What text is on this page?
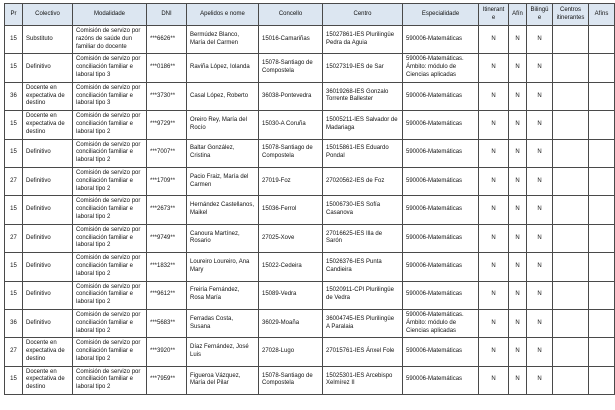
Pr	Colectivo	Modalidade	DNI	Apelidos e nome	Concello	Centro	Especialidade	Itinerante	Afín	Bilingüe	Centros itinerantes	Afíns
15	Substituto	Comisión de servizo por razóns de saúde dun familiar do docente	***6626**	Bermúdez Blanco, María del Carmen	15016-Camariñas	15027861-IES Plurilingüe Pedra da Aguia	590006-Matemáticas	N	N	N		
15	Definitivo	Comisión de servizo por conciliación familiar e laboral tipo 3	***0186**	Raviña López, Iolanda	15078-Santiago de Compostela	15027319-IES de Sar	590006-Matemáticas. Ámbito: módulo de Ciencias aplicadas	N	N	N		
36	Docente en expectativa de destino	Comisión de servizo por conciliación familiar e laboral tipo 3	***3730**	Casal López, Roberto	36038-Pontevedra	36019268-IES Gonzalo Torrente Ballester	590006-Matemáticas	N	N	N		
15	Docente en expectativa de destino	Comisión de servizo por conciliación familiar e laboral tipo 2	***9729**	Oreiro Rey, María del Rocío	15030-A Coruña	15005211-IES Salvador de Madariaga	590006-Matemáticas	N	N	N		
15	Definitivo	Comisión de servizo por conciliación familiar e laboral tipo 2	***7007**	Baltar González, Cristina	15078-Santiago de Compostela	15015861-IES Eduardo Pondal	590006-Matemáticas	N	N	N		
27	Definitivo	Comisión de servizo por conciliación familiar e laboral tipo 2	***1709**	Pacio Fraiz, María del Carmen	27019-Foz	27020562-IES de Foz	590006-Matemáticas	N	N	N		
15	Definitivo	Comisión de servizo por conciliación familiar e laboral tipo 2	***2673**	Hernández Castellanos, Maikel	15036-Ferrol	15006730-IES Sofía Casanova	590006-Matemáticas	N	N	N		
27	Definitivo	Comisión de servizo por conciliación familiar e laboral tipo 2	***9749**	Canoura Martínez, Rosario	27025-Xove	27016625-IES Illa de Sarón	590006-Matemáticas	N	N	N		
15	Definitivo	Comisión de servizo por conciliación familiar e laboral tipo 2	***1832**	Loureiro Loureiro, Ana Mary	15022-Cedeira	15026376-IES Punta Candieira	590006-Matemáticas	N	N	N		
15	Definitivo	Comisión de servizo por conciliación familiar e laboral tipo 2	***9612**	Freiría Fernández, Rosa María	15089-Vedra	15020911-CPI Plurilingüe de Vedra	590006-Matemáticas	N	N	N		
36	Definitivo	Comisión de servizo por conciliación familiar e laboral tipo 2	***5683**	Ferradas Costa, Susana	36029-Moaña	36004745-IES Plurilingüe A Paralaia	590006-Matemáticas. Ámbito: módulo de Ciencias aplicadas	N	N	N		
27	Docente en expectativa de destino	Comisión de servizo por conciliación familiar e laboral tipo 2	***3920**	Díaz Fernández, José Luis	27028-Lugo	27015761-IES Ánxel Fole	590006-Matemáticas	N	N	N		
15	Docente en expectativa de destino	Comisión de servizo por conciliación familiar e laboral tipo 2	***7959**	Figueroa Vázquez, María del Pilar	15078-Santiago de Compostela	15025301-IES Arcebispo Xelmírez II	590006-Matemáticas	N	N	N		
